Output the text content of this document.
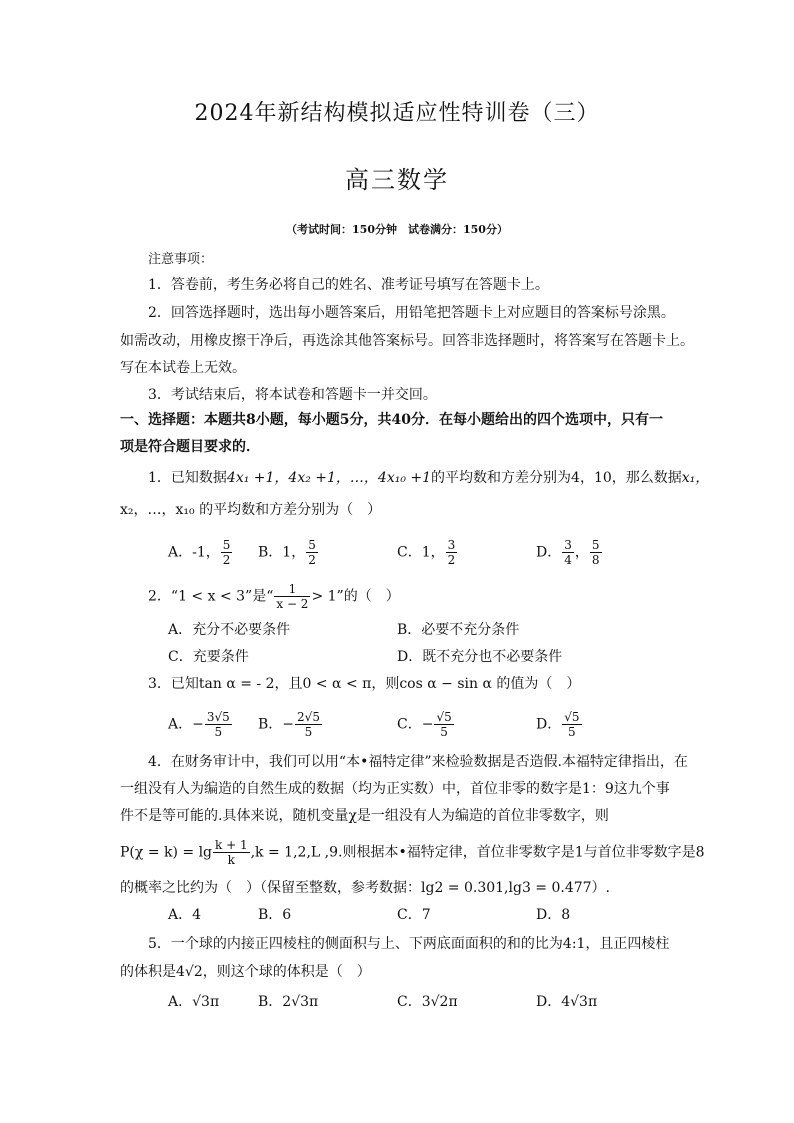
2024年新结构模拟适应性特训卷（三）
高三数学
（考试时间：150分钟　试卷满分：150分）
注意事项：
1．答卷前，考生务必将自己的姓名、准考证号填写在答题卡上。
2．回答选择题时，选出每小题答案后，用铅笔把答题卡上对应题目的答案标号涂黑。
如需改动，用橡皮擦干净后，再选涂其他答案标号。回答非选择题时，将答案写在答题卡上。
写在本试卷上无效。
3．考试结束后，将本试卷和答题卡一并交回。
一、选择题：本题共8小题，每小题5分，共40分．在每小题给出的四个选项中，只有一
项是符合题目要求的．
1．已知数据4x₁ +1，4x₂ +1，…，4x₁₀ +1的平均数和方差分别为4，10，那么数据x₁，
x₂，…，x₁₀ 的平均数和方差分别为（　）
A．-1， $\frac{5}{2}$ B．1， $\frac{5}{2}$	C．1， $\frac{3}{2}$	D． $\frac{3}{4}$ ， $\frac{5}{8}$
2．“1 < x < 3”是“ $\frac{1}{x - 2} > 1$”的（　）
A．充分不必要条件	B．必要不充分条件
C．充要条件	D．既不充分也不必要条件
3．已知tan α = - 2，且0 < α < π，则cos α − sin α 的值为（　）
A．− $\frac{3√5}{5}$ B．− $\frac{2√5}{5}$	C．− $\frac{√5}{5}$	D． $\frac{√5}{5}$
4．在财务审计中，我们可以用“本•福特定律”来检验数据是否造假.本福特定律指出，在
一组没有人为编造的自然生成的数据（均为正实数）中，首位非零的数字是1：9这九个事
件不是等可能的.具体来说，随机变量χ是一组没有人为编造的首位非零数字，则
$P(\chi = k) = \lg \frac{k + 1}{k} ,k = 1,2,L$ ,9.则根据本•福特定律，首位非零数字是1与首位非零数字是8
的概率之比约为（　）（保留至整数，参考数据：lg2 = 0.301,lg3 = 0.477）.
A．4	B．6	C．7	D．8
5．一个球的内接正四棱柱的侧面积与上、下两底面面积的和的比为4:1，且正四棱柱
的体积是4√2，则这个球的体积是（　）
A．√3π	B．2√3π	C．3√2π	D．4√3π
